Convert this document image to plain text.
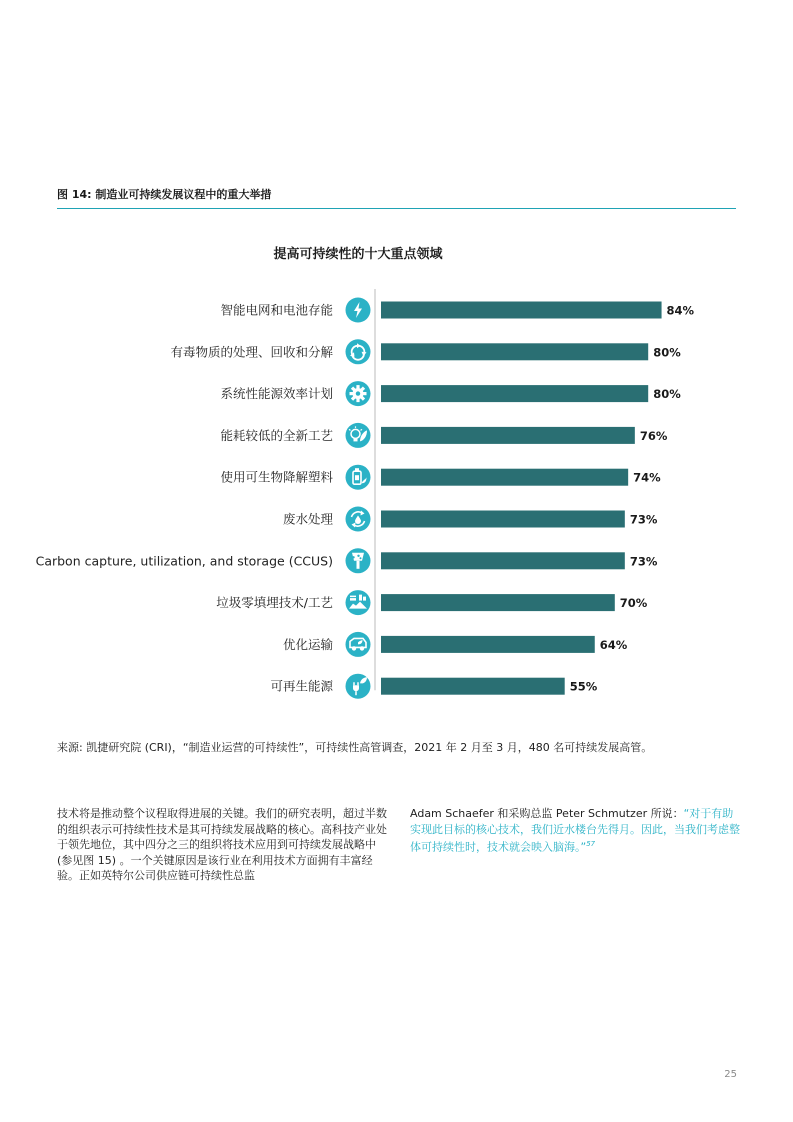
图 14: 制造业可持续发展议程中的重大举措
提高可持续性的十大重点领域
智能电网和电池存能	84%
有毒物质的处理、回收和分解	80%
系统性能源效率计划	80%
能耗较低的全新工艺	76%
使用可生物降解塑料	74%
废水处理	73%
Carbon capture, utilization, and storage (CCUS)	73%
垃圾零填埋技术/工艺	70%
优化运输	64%
可再生能源	55%
来源: 凯捷研究院 (CRI)，“制造业运营的可持续性”，可持续性高管调查，2021 年 2 月至 3 月，480 名可持续发展高管。
技术将是推动整个议程取得进展的关键。我们的研究表明，超过半数的组织表示可持续性技术是其可持续发展战略的核心。高科技产业处于领先地位，其中四分之三的组织将技术应用到可持续发展战略中 (参见图 15) 。一个关键原因是该行业在利用技术方面拥有丰富经验。正如英特尔公司供应链可持续性总监
Adam Schaefer 和采购总监 Peter Schmutzer 所说：“对于有助实现此目标的核心技术，我们近水楼台先得月。因此，当我们考虑整体可持续性时，技术就会映入脑海。”$^{57}$
25
